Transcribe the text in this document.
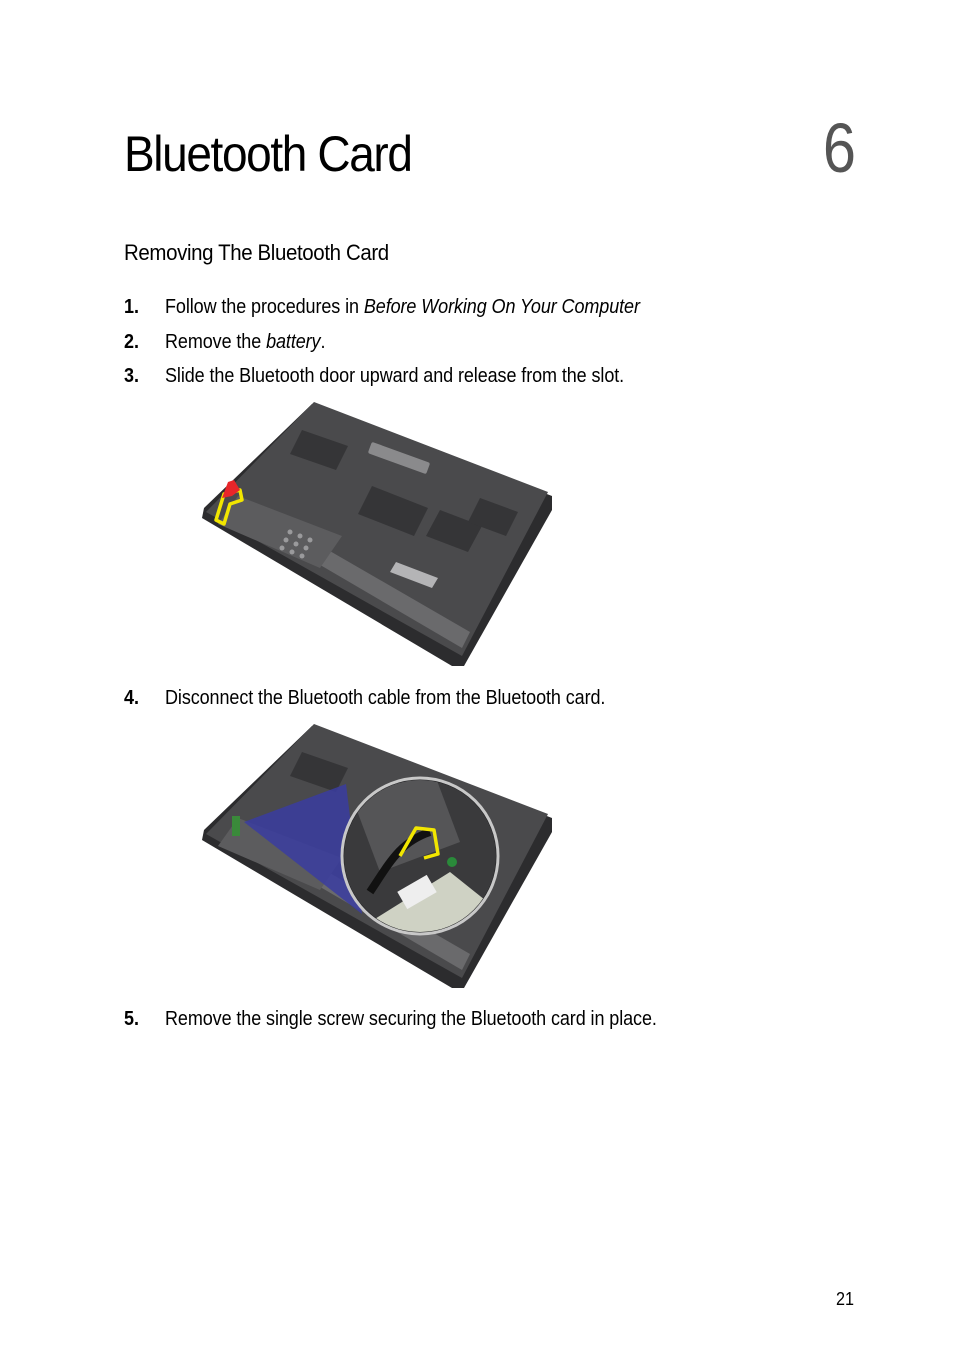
Bluetooth Card	6
Removing The Bluetooth Card
1. Follow the procedures in Before Working On Your Computer
2. Remove the battery.
3. Slide the Bluetooth door upward and release from the slot.
4. Disconnect the Bluetooth cable from the Bluetooth card.
5. Remove the single screw securing the Bluetooth card in place.
21
